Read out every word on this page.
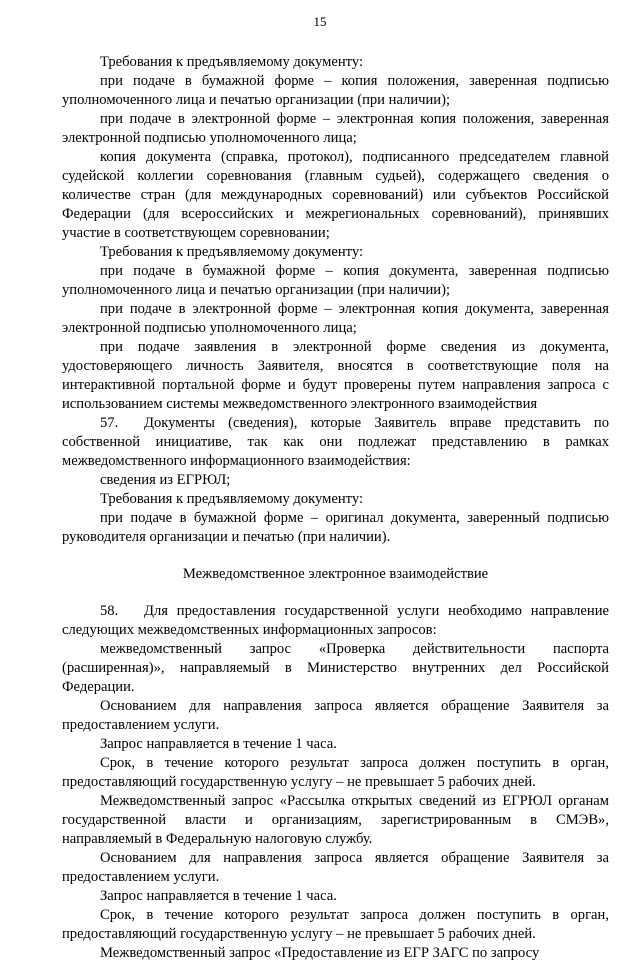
15

Требования к предъявляемому документу:

при подаче в бумажной форме – копия положения, заверенная подписью уполномоченного лица и печатью организации (при наличии);

при подаче в электронной форме – электронная копия положения, заверенная электронной подписью уполномоченного лица;

копия документа (справка, протокол), подписанного председателем главной судейской коллегии соревнования (главным судьей), содержащего сведения о количестве стран (для международных соревнований) или субъектов Российской Федерации (для всероссийских и межрегиональных соревнований), принявших участие в соответствующем соревновании;

Требования к предъявляемому документу:

при подаче в бумажной форме – копия документа, заверенная подписью уполномоченного лица и печатью организации (при наличии);

при подаче в электронной форме – электронная копия документа, заверенная электронной подписью уполномоченного лица;

при подаче заявления в электронной форме сведения из документа, удостоверяющего личность Заявителя, вносятся в соответствующие поля на интерактивной портальной форме и будут проверены путем направления запроса с использованием системы межведомственного электронного взаимодействия

57. Документы (сведения), которые Заявитель вправе представить по собственной инициативе, так как они подлежат представлению в рамках межведомственного информационного взаимодействия:

сведения из ЕГРЮЛ;

Требования к предъявляемому документу:

при подаче в бумажной форме – оригинал документа, заверенный подписью руководителя организации и печатью (при наличии).

Межведомственное электронное взаимодействие

58. Для предоставления государственной услуги необходимо направление следующих межведомственных информационных запросов:

межведомственный запрос «Проверка действительности паспорта (расширенная)», направляемый в Министерство внутренних дел Российской Федерации.

Основанием для направления запроса является обращение Заявителя за предоставлением услуги.

Запрос направляется в течение 1 часа.

Срок, в течение которого результат запроса должен поступить в орган, предоставляющий государственную услугу – не превышает 5 рабочих дней.

Межведомственный запрос «Рассылка открытых сведений из ЕГРЮЛ органам государственной власти и организациям, зарегистрированным в СМЭВ», направляемый в Федеральную налоговую службу.

Основанием для направления запроса является обращение Заявителя за предоставлением услуги.

Запрос направляется в течение 1 часа.

Срок, в течение которого результат запроса должен поступить в орган, предоставляющий государственную услугу – не превышает 5 рабочих дней.

Межведомственный запрос «Предоставление из ЕГР ЗАГС по запросу
